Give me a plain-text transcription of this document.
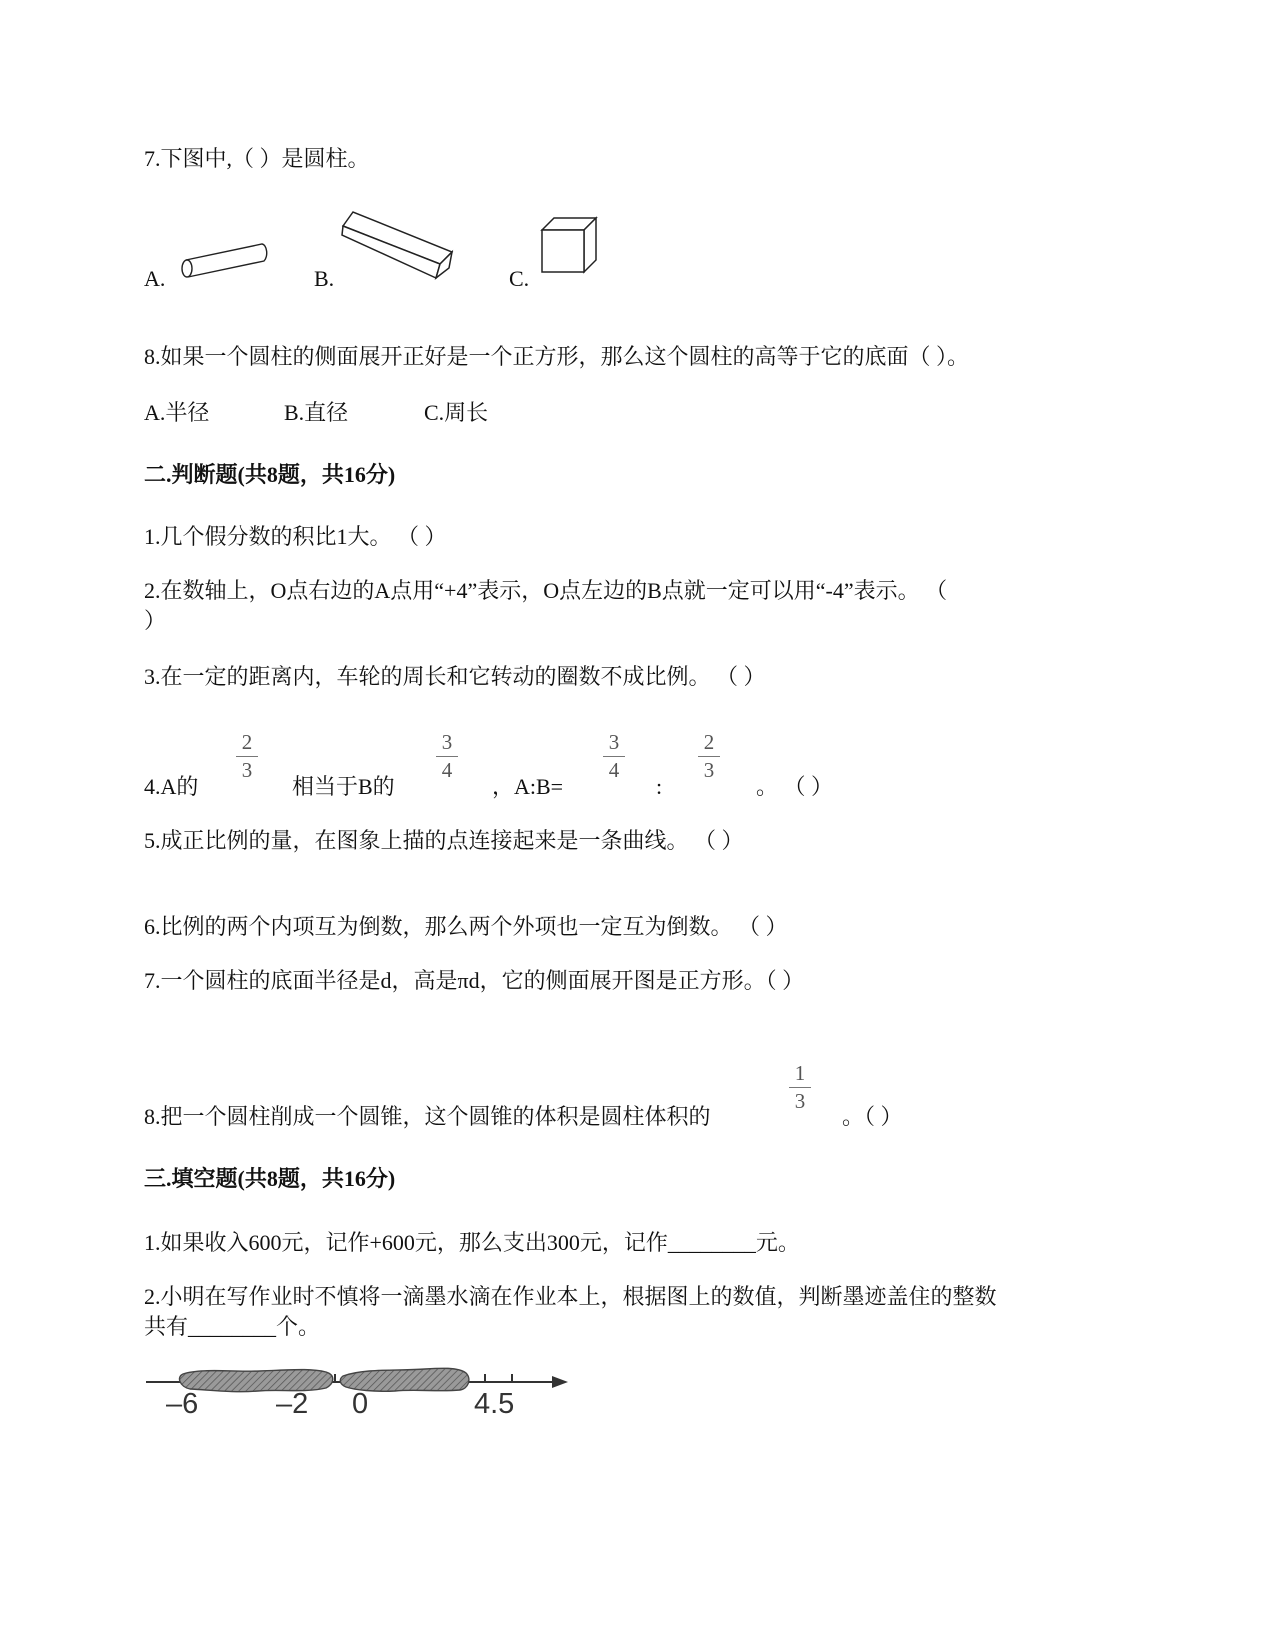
7.下图中,（ ）是圆柱。
A.	B.	C.
8.如果一个圆柱的侧面展开正好是一个正方形，那么这个圆柱的高等于它的底面（ ）。
A.半径	B.直径	C.周长
二.判断题(共8题，共16分)
1.几个假分数的积比1大。 （ ）
2.在数轴上，O点右边的A点用“+4”表示，O点左边的B点就一定可以用“-4”表示。 （
）
3.在一定的距离内，车轮的周长和它转动的圈数不成比例。 （ ）
4.A的
2
3
相当于B的
3
4
，A:B=
3
4
:
2
3
。 （ ）
5.成正比例的量，在图象上描的点连接起来是一条曲线。 （ ）
6.比例的两个内项互为倒数，那么两个外项也一定互为倒数。 （ ）
7.一个圆柱的底面半径是d，高是πd，它的侧面展开图是正方形。（ ）
8.把一个圆柱削成一个圆锥，这个圆锥的体积是圆柱体积的
1
3
。（ ）
三.填空题(共8题，共16分)
1.如果收入600元，记作+600元，那么支出300元，记作________元。
2.小明在写作业时不慎将一滴墨水滴在作业本上，根据图上的数值，判断墨迹盖住的整数
共有________个。
–6	–2 0	4.5
